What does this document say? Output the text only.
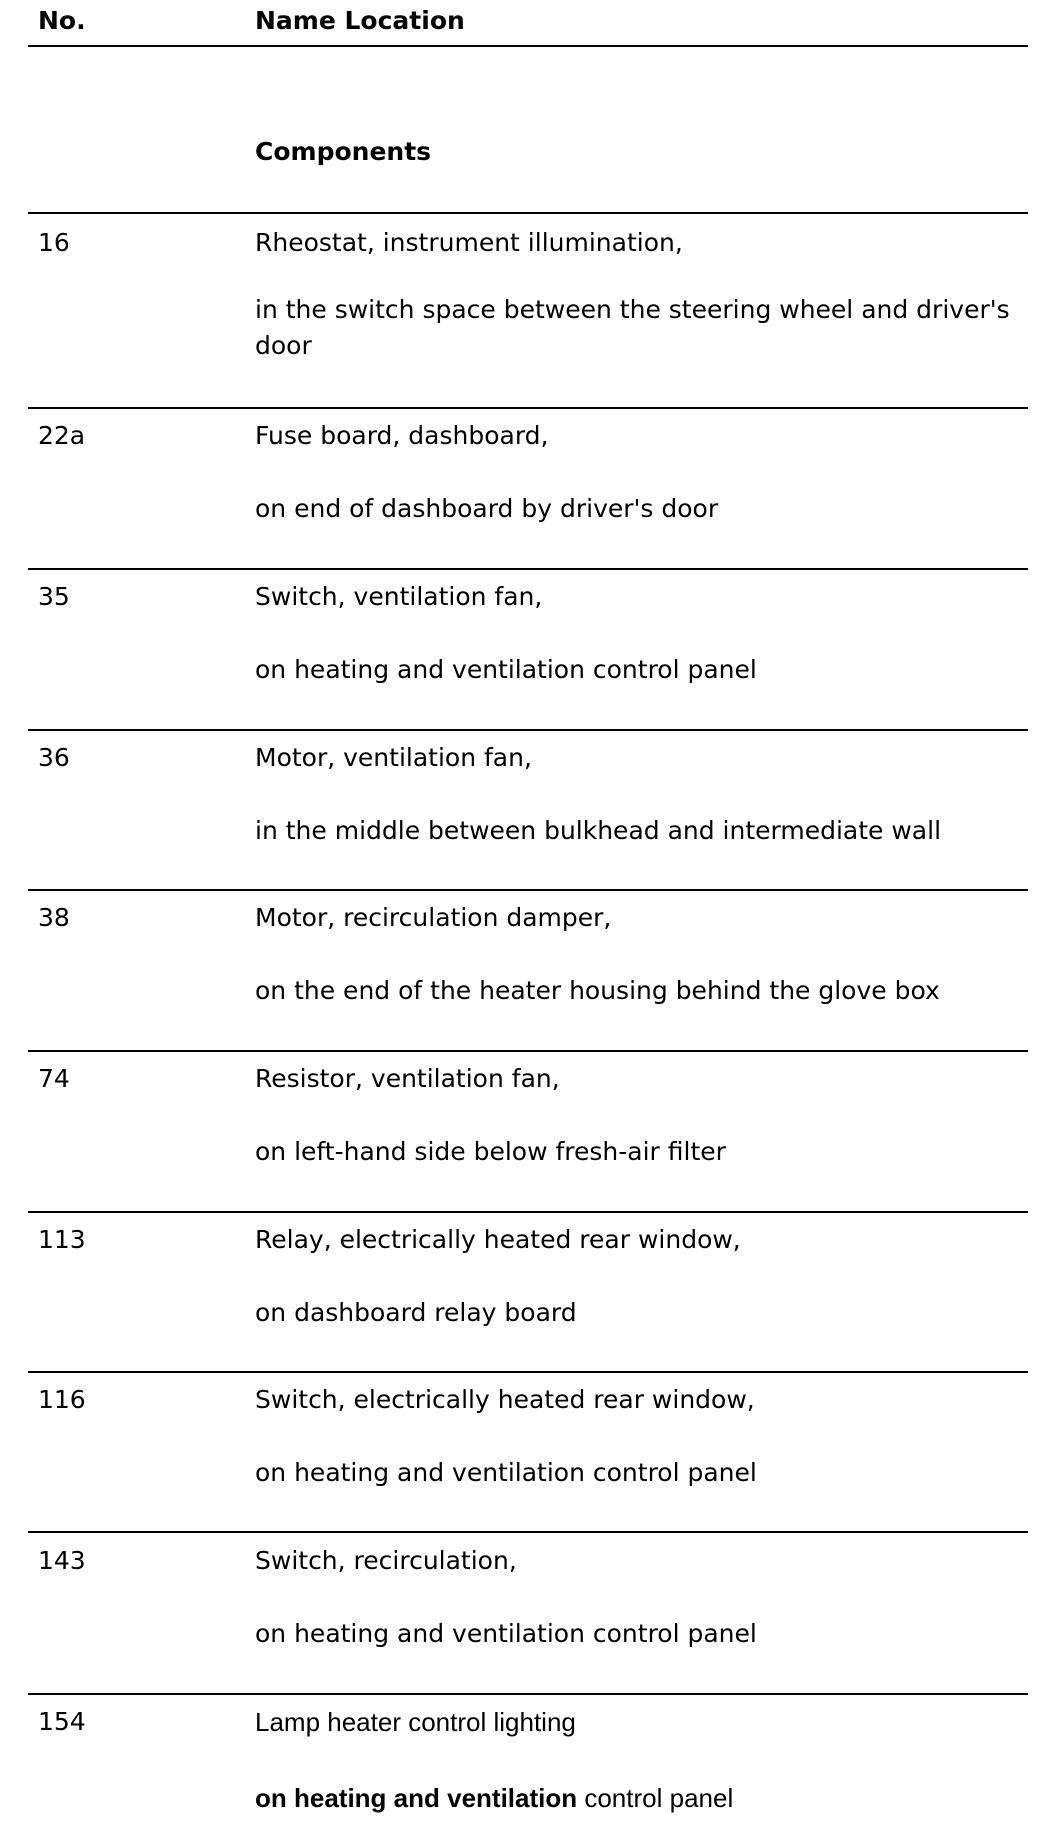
No.	Name Location
Components
16	Rheostat, instrument illumination,
in the switch space between the steering wheel and driver's door
22a	Fuse board, dashboard,
on end of dashboard by driver's door
35	Switch, ventilation fan,
on heating and ventilation control panel
36	Motor, ventilation fan,
in the middle between bulkhead and intermediate wall
38	Motor, recirculation damper,
on the end of the heater housing behind the glove box
74	Resistor, ventilation fan,
on left-hand side below fresh-air filter
113	Relay, electrically heated rear window,
on dashboard relay board
116	Switch, electrically heated rear window,
on heating and ventilation control panel
143	Switch, recirculation,
on heating and ventilation control panel
154	Lamp heater control lighting
on heating and ventilation control panel
